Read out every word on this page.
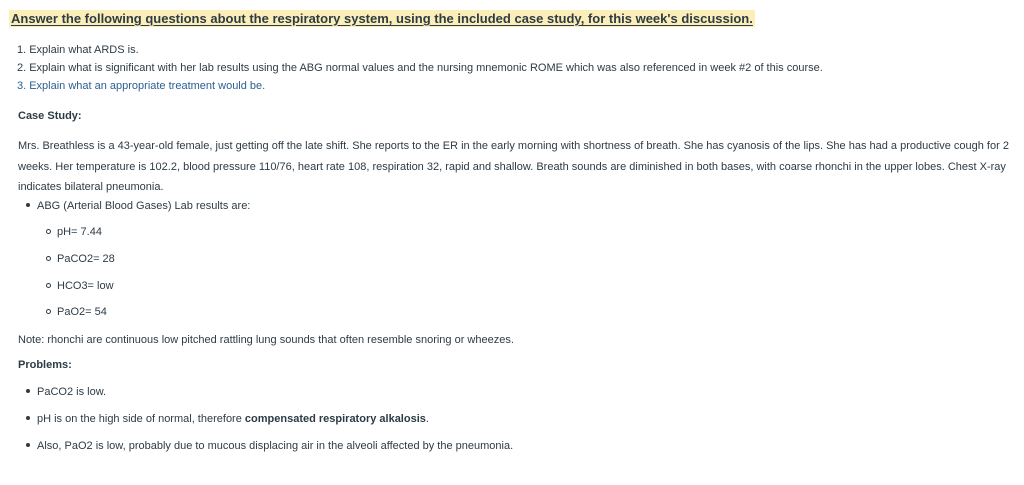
Answer the following questions about the respiratory system, using the included case study, for this week's discussion.
1. Explain what ARDS is.
2. Explain what is significant with her lab results using the ABG normal values and the nursing mnemonic ROME which was also referenced in week #2 of this course.
3. Explain what an appropriate treatment would be.
Case Study:
Mrs. Breathless is a 43-year-old female, just getting off the late shift. She reports to the ER in the early morning with shortness of breath. She has cyanosis of the lips. She has had a productive cough for 2 weeks. Her temperature is 102.2, blood pressure 110/76, heart rate 108, respiration 32, rapid and shallow. Breath sounds are diminished in both bases, with coarse rhonchi in the upper lobes. Chest X-ray indicates bilateral pneumonia.
ABG (Arterial Blood Gases) Lab results are:
pH= 7.44
PaCO2= 28
HCO3= low
PaO2= 54
Note: rhonchi are continuous low pitched rattling lung sounds that often resemble snoring or wheezes.
Problems:
PaCO2 is low.
pH is on the high side of normal, therefore compensated respiratory alkalosis.
Also, PaO2 is low, probably due to mucous displacing air in the alveoli affected by the pneumonia.
